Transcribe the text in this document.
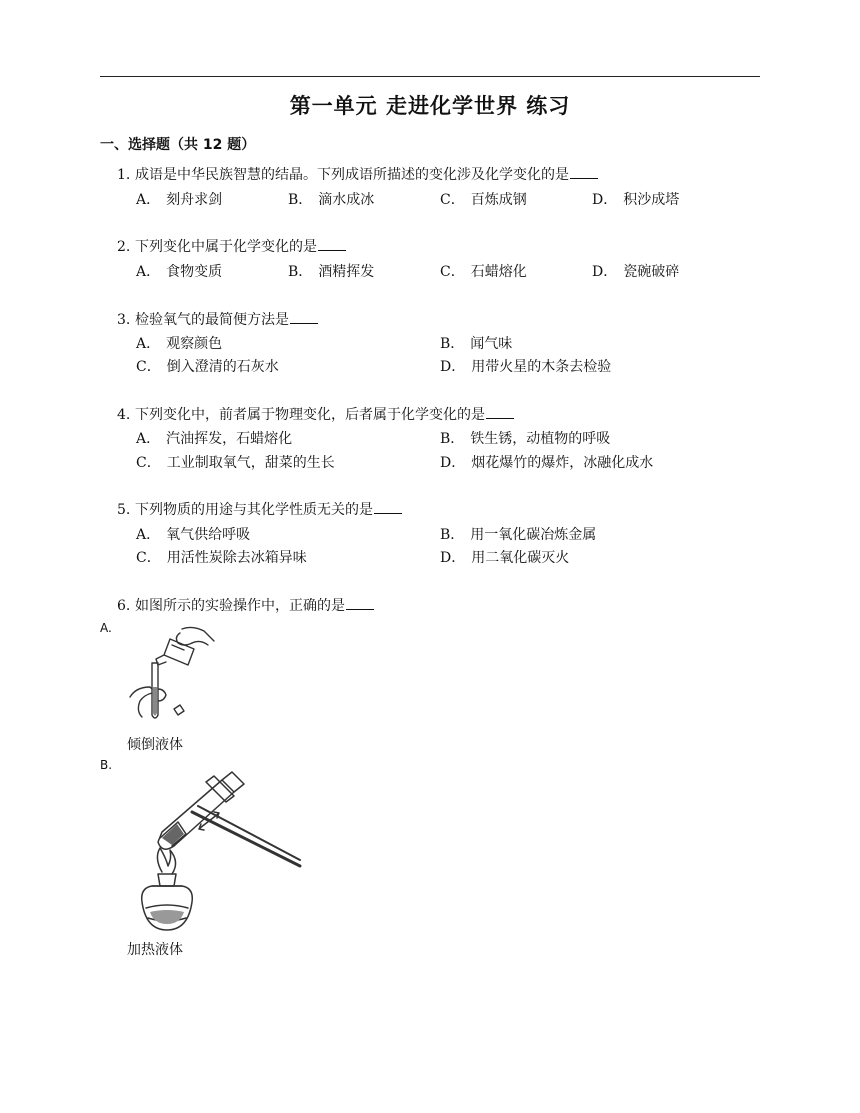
第一单元 走进化学世界 练习
一、选择题（共 12 题）
1. 成语是中华民族智慧的结晶。下列成语所描述的变化涉及化学变化的是
A． 刻舟求剑	B． 滴水成冰	C． 百炼成钢	D． 积沙成塔
2. 下列变化中属于化学变化的是
A． 食物变质	B． 酒精挥发	C． 石蜡熔化	D． 瓷碗破碎
3. 检验氧气的最简便方法是
A． 观察颜色	B． 闻气味
C． 倒入澄清的石灰水	D． 用带火星的木条去检验
4. 下列变化中，前者属于物理变化，后者属于化学变化的是
A． 汽油挥发，石蜡熔化	B． 铁生锈，动植物的呼吸
C． 工业制取氧气，甜菜的生长	D． 烟花爆竹的爆炸，冰融化成水
5. 下列物质的用途与其化学性质无关的是
A． 氧气供给呼吸	B． 用一氧化碳冶炼金属
C． 用活性炭除去冰箱异味	D． 用二氧化碳灭火
6. 如图所示的实验操作中，正确的是
A.
倾倒液体
B.
加热液体
